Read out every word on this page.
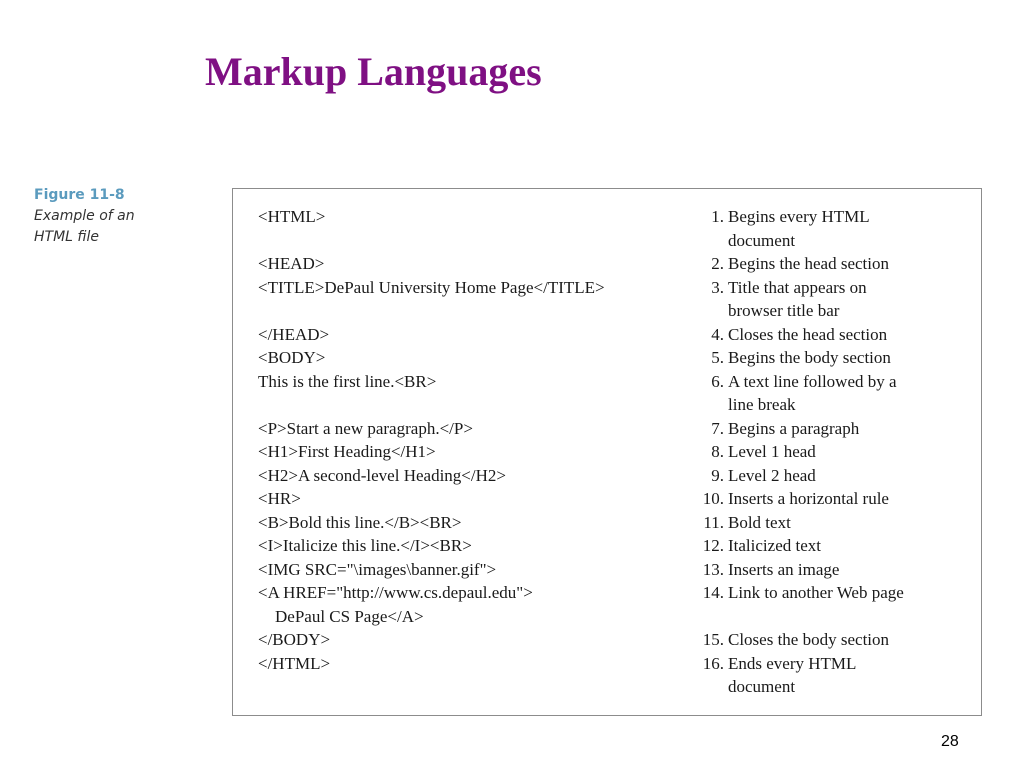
Markup Languages
Figure 11-8
Example of an
HTML file
<HTML>

<HEAD>
<TITLE>DePaul University Home Page</TITLE>

</HEAD>
<BODY>
This is the first line.<BR>

<P>Start a new paragraph.</P>
<H1>First Heading</H1>
<H2>A second-level Heading</H2>
<HR>
<B>Bold this line.</B><BR>
<I>Italicize this line.</I><BR>
<IMG SRC="\images\banner.gif">
<A HREF="http://www.cs.depaul.edu">
DePaul CS Page</A>
</BODY>
</HTML>
1. Begins every HTML
document
2. Begins the head section
3. Title that appears on
browser title bar
4. Closes the head section
5. Begins the body section
6. A text line followed by a
line break
7. Begins a paragraph
8. Level 1 head
9. Level 2 head
10. Inserts a horizontal rule
11. Bold text
12. Italicized text
13. Inserts an image
14. Link to another Web page

15. Closes the body section
16. Ends every HTML
document
28
